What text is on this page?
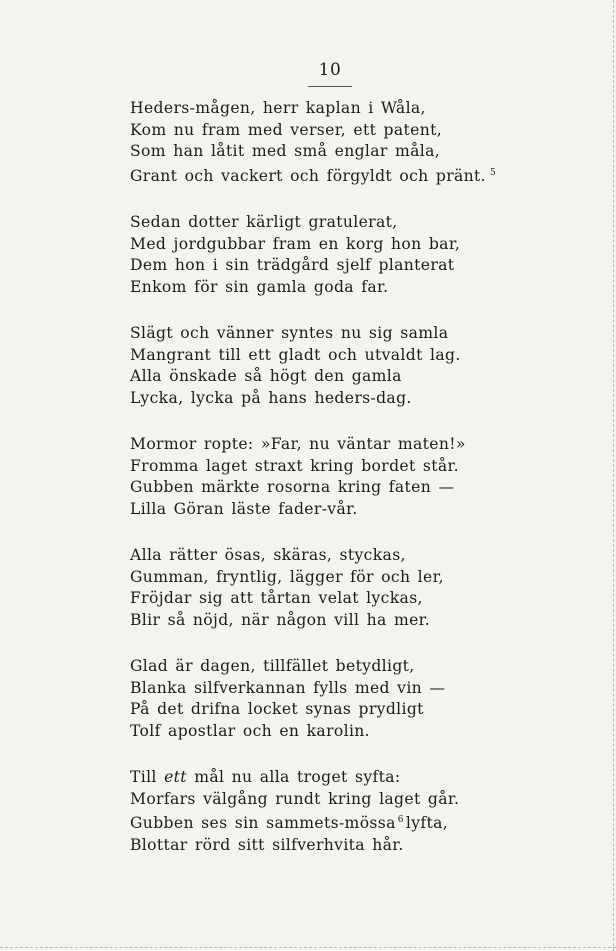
10
Heders-mågen, herr kaplan i Wåla,
Kom nu fram med verser, ett patent,
Som han låtit med små englar måla,
Grant och vackert och förgyldt och pränt. $^5$
Sedan dotter kärligt gratulerat,
Med jordgubbar fram en korg hon bar,
Dem hon i sin trädgård sjelf planterat
Enkom för sin gamla goda far.
Slägt och vänner syntes nu sig samla
Mangrant till ett gladt och utvaldt lag.
Alla önskade så högt den gamla
Lycka, lycka på hans heders-dag.
Mormor ropte: »Far, nu väntar maten!»
Fromma laget straxt kring bordet står.
Gubben märkte rosorna kring faten —
Lilla Göran läste fader-vår.
Alla rätter ösas, skäras, styckas,
Gumman, fryntlig, lägger för och ler,
Fröjdar sig att tårtan velat lyckas,
Blir så nöjd, när någon vill ha mer.
Glad är dagen, tillfället betydligt,
Blanka silfverkannan fylls med vin —
På det drifna locket synas prydligt
Tolf apostlar och en karolin.
Till ett mål nu alla troget syfta:
Morfars välgång rundt kring laget går.
Gubben ses sin sammets-mössa $^6$ lyfta,
Blottar rörd sitt silfverhvita hår.
